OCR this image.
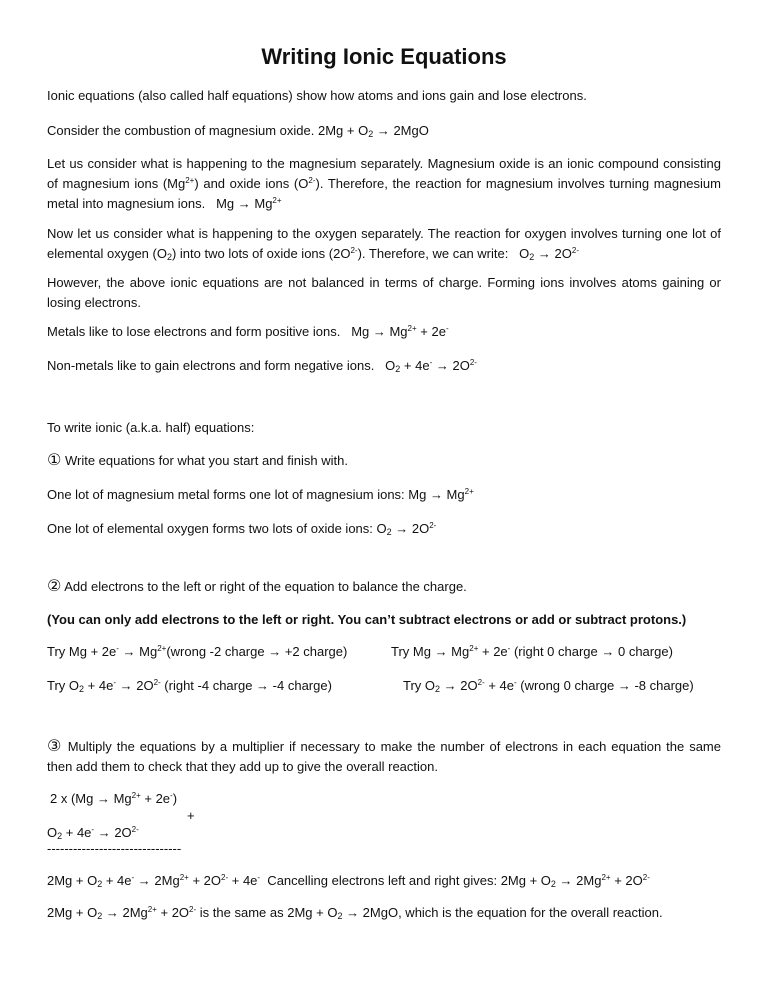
Writing Ionic Equations

Ionic equations (also called half equations) show how atoms and ions gain and lose electrons.

Consider the combustion of magnesium oxide. $2Mg + O_2 \to 2MgO$

Let us consider what is happening to the magnesium separately. Magnesium oxide is an ionic compound consisting of magnesium ions $(Mg^{2+})$ and oxide ions $(O^{2-})$. Therefore, the reaction for magnesium involves turning magnesium metal into magnesium ions.   $Mg \to Mg^{2+}$

Now let us consider what is happening to the oxygen separately. The reaction for oxygen involves turning one lot of elemental oxygen $(O_2)$ into two lots of oxide ions $(2O^{2-})$. Therefore, we can write:   $O_2 \to 2O^{2-}$

However, the above ionic equations are not balanced in terms of charge. Forming ions involves atoms gaining or losing electrons.

Metals like to lose electrons and form positive ions.   $Mg \to Mg^{2+} + 2e^-$

Non-metals like to gain electrons and form negative ions.   $O_2 + 4e^- \to 2O^{2-}$

To write ionic (a.k.a. half) equations:

① Write equations for what you start and finish with.

One lot of magnesium metal forms one lot of magnesium ions: $Mg \to Mg^{2+}$

One lot of elemental oxygen forms two lots of oxide ions: $O_2 \to 2O^{2-}$

② Add electrons to the left or right of the equation to balance the charge.

(You can only add electrons to the left or right. You can’t subtract electrons or add or subtract protons.)

Try $Mg + 2e^- \to Mg^{2+}(wrong$ -2 charge → +2 charge)	Try $Mg \to Mg^{2+} + 2e^-$ (right 0 charge → 0 charge)

Try $O_2 + 4e^- \to 2O^{2-}$ (right -4 charge → -4 charge)	Try $O_2 \to 2O^{2-} + 4e^-$ (wrong 0 charge → -8 charge)

③ Multiply the equations by a multiplier if necessary to make the number of electrons in each equation the same then add them to check that they add up to give the overall reaction.

2 x $(Mg \to Mg^{2+} + 2e^-)$

+

$O_2 + 4e^- \to 2O^{2-}$

-------------------------------

$2Mg + O_2 + 4e^- \to 2Mg^{2+} + 2O^{2-} + 4e^-$  Cancelling electrons left and right gives: $2Mg + O_2 \to 2Mg^{2+} + 2O^{2-}$

$2Mg + O_2 \to 2Mg^{2+} + 2O^{2-}$ is the same as $2Mg + O_2 \to 2MgO$, which is the equation for the overall reaction.
